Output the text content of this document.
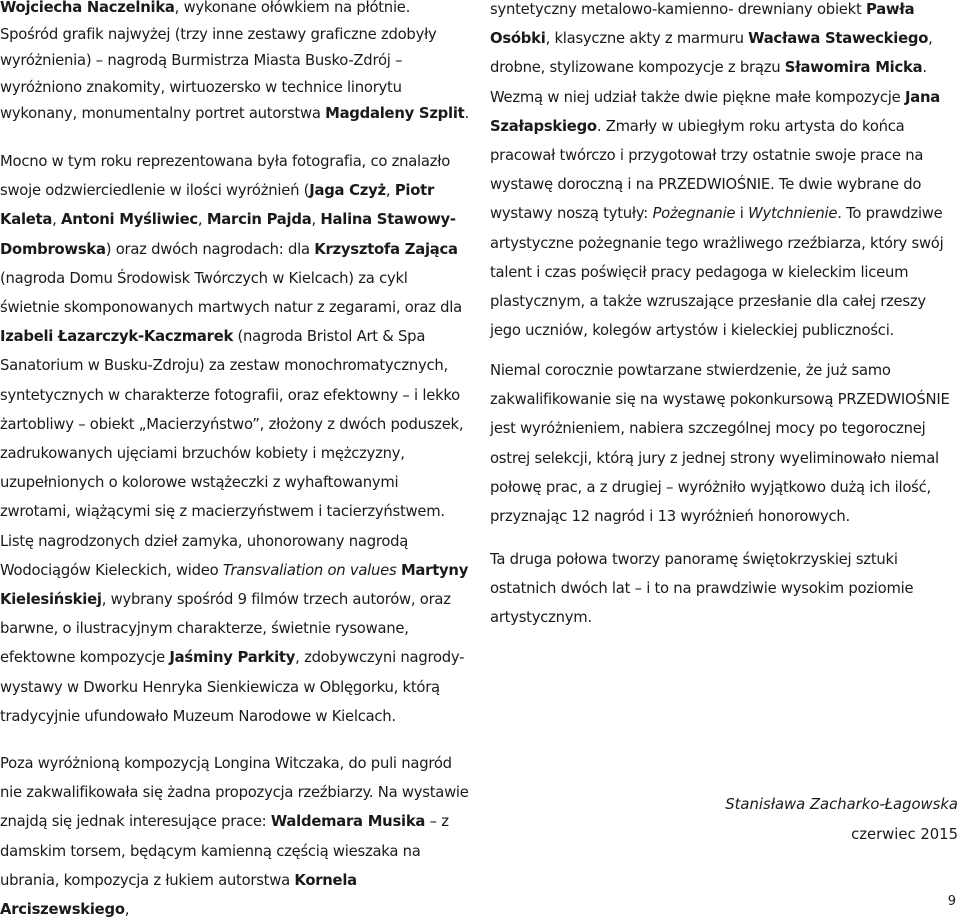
Wojciecha Naczelnika, wykonane ołówkiem na płótnie. Spośród grafik najwyżej (trzy inne zestawy graficzne zdobyły wyróżnienia) – nagrodą Burmistrza Miasta Busko-Zdrój – wyróżniono znakomity, wirtuozersko w technice linorytu wykonany, monumentalny portret autorstwa Magdaleny Szplit.

Mocno w tym roku reprezentowana była fotografia, co znalazło swoje odzwierciedlenie w ilości wyróżnień (Jaga Czyż, Piotr Kaleta, Antoni Myśliwiec, Marcin Pajda, Halina Stawowy-Dombrowska) oraz dwóch nagrodach: dla Krzysztofa Zająca (nagroda Domu Środowisk Twórczych w Kielcach) za cykl świetnie skomponowanych martwych natur z zegarami, oraz dla Izabeli Łazarczyk-Kaczmarek (nagroda Bristol Art & Spa Sanatorium w Busku-Zdroju) za zestaw monochromatycznych, syntetycznych w charakterze fotografii, oraz efektowny – i lekko żartobliwy – obiekt „Macierzyństwo”, złożony z dwóch poduszek, zadrukowanych ujęciami brzuchów kobiety i mężczyzny, uzupełnionych o kolorowe wstążeczki z wyhaftowanymi zwrotami, wiążącymi się z macierzyństwem i tacierzyństwem. Listę nagrodzonych dzieł zamyka, uhonorowany nagrodą Wodociągów Kieleckich, wideo Transvaliation on values Martyny Kielesińskiej, wybrany spośród 9 filmów trzech autorów, oraz barwne, o ilustracyjnym charakterze, świetnie rysowane, efektowne kompozycje Jaśminy Parkity, zdobywczyni nagrody-wystawy w Dworku Henryka Sienkiewicza w Oblęgorku, którą tradycyjnie ufundowało Muzeum Narodowe w Kielcach.

Poza wyróżnioną kompozycją Longina Witczaka, do puli nagród nie zakwalifikowała się żadna propozycja rzeźbiarzy. Na wystawie znajdą się jednak interesujące prace: Waldemara Musika – z damskim torsem, będącym kamienną częścią wieszaka na ubrania, kompozycja z łukiem autorstwa Kornela Arciszewskiego,

syntetyczny metalowo-kamienno- drewniany obiekt Pawła Osóbki, klasyczne akty z marmuru Wacława Staweckiego, drobne, stylizowane kompozycje z brązu Sławomira Micka. Wezmą w niej udział także dwie piękne małe kompozycje Jana Szałapskiego. Zmarły w ubiegłym roku artysta do końca pracował twórczo i przygotował trzy ostatnie swoje prace na wystawę doroczną i na PRZEDWIOŚNIE. Te dwie wybrane do wystawy noszą tytuły: Pożegnanie i Wytchnienie. To prawdziwe artystyczne pożegnanie tego wrażliwego rzeźbiarza, który swój talent i czas poświęcił pracy pedagoga w kieleckim liceum plastycznym, a także wzruszające przesłanie dla całej rzeszy jego uczniów, kolegów artystów i kieleckiej publiczności.

Niemal corocznie powtarzane stwierdzenie, że już samo zakwalifikowanie się na wystawę pokonkursową PRZEDWIOŚNIE jest wyróżnieniem, nabiera szczególnej mocy po tegorocznej ostrej selekcji, którą jury z jednej strony wyeliminowało niemal połowę prac, a z drugiej – wyróżniło wyjątkowo dużą ich ilość, przyznając 12 nagród i 13 wyróżnień honorowych.

Ta druga połowa tworzy panoramę świętokrzyskiej sztuki ostatnich dwóch lat – i to na prawdziwie wysokim poziomie artystycznym.

Stanisława Zacharko-Łagowska
czerwiec 2015
9
